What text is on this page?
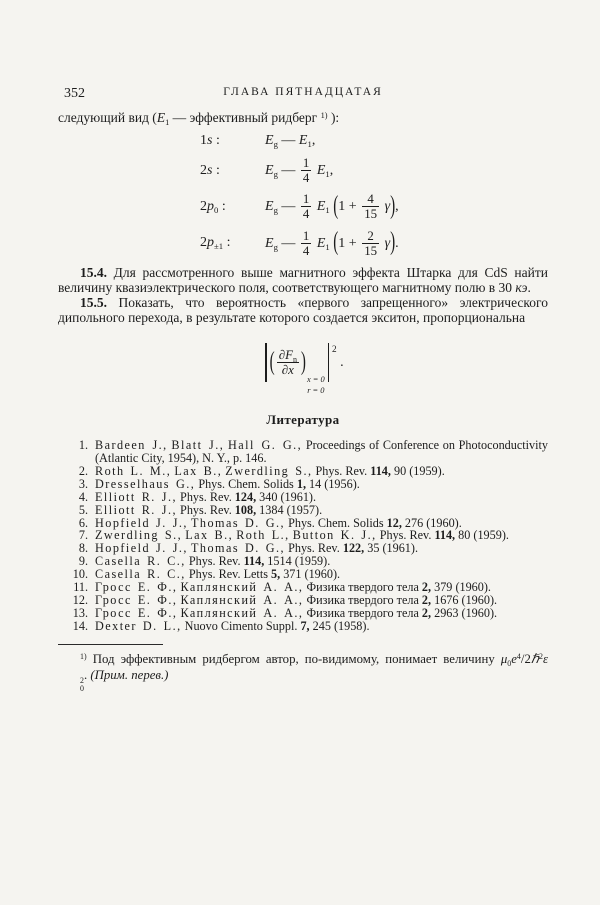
352	ГЛАВА ПЯТНАДЦАТАЯ
следующий вид ($E_1$ — эффективный ридберг $^{1)}$ ):
1s :	$E_g$ — $E_1$,
2s :	$E_g$ — $\frac{1}{4} E_1$,
$2p_0$ :	$E_g$ — $\frac{1}{4} E_1$ $(1 + \frac{4}{15} \gamma)$,
$2p_{\pm 1}$ :	$E_g$ — $\frac{1}{4} E_1$ $(1 + \frac{2}{15} \gamma)$.
15.4. Для рассмотренного выше магнитного эффекта Штарка для CdS найти величину квазиэлектрического поля, соответствующего магнитному полю в 30 кэ.
15.5. Показать, что вероятность «первого запрещенного» электрического дипольного перехода, в результате которого создается экситон, пропорциональна
( $\frac{\partial F_n}{\partial x}$ )
x = 0
r = 0
$^2$ .
Литература
1. Bardeen J., Blatt J., Hall G. G., Proceedings of Conference on Photoconductivity (Atlantic City, 1954), N. Y., p. 146.
2. Roth L. M., Lax B., Zwerdling S., Phys. Rev. 114, 90 (1959).
3. Dresselhaus G., Phys. Chem. Solids 1, 14 (1956).
4. Elliott R. J., Phys. Rev. 124, 340 (1961).
5. Elliott R. J., Phys. Rev. 108, 1384 (1957).
6. Hopfield J. J., Thomas D. G., Phys. Chem. Solids 12, 276 (1960).
7. Zwerdling S., Lax B., Roth L., Button K. J., Phys. Rev. 114, 80 (1959).
8. Hopfield J. J., Thomas D. G., Phys. Rev. 122, 35 (1961).
9. Casella R. C., Phys. Rev. 114, 1514 (1959).
10. Casella R. C., Phys. Rev. Letts 5, 371 (1960).
11. Гросс Е. Ф., Каплянский А. А., Физика твердого тела 2, 379 (1960).
12. Гросс Е. Ф., Каплянский А. А., Физика твердого тела 2, 1676 (1960).
13. Гросс Е. Ф., Каплянский А. А., Физика твердого тела 2, 2963 (1960).
14. Dexter D. L., Nuovo Cimento Suppl. 7, 245 (1958).
$^{1)}$ Под эффективным ридбергом автор, по-видимому, понимает величину $\mu_0e^4/2\hbar^2\varepsilon$
2
0
. (Прим. перев.)
